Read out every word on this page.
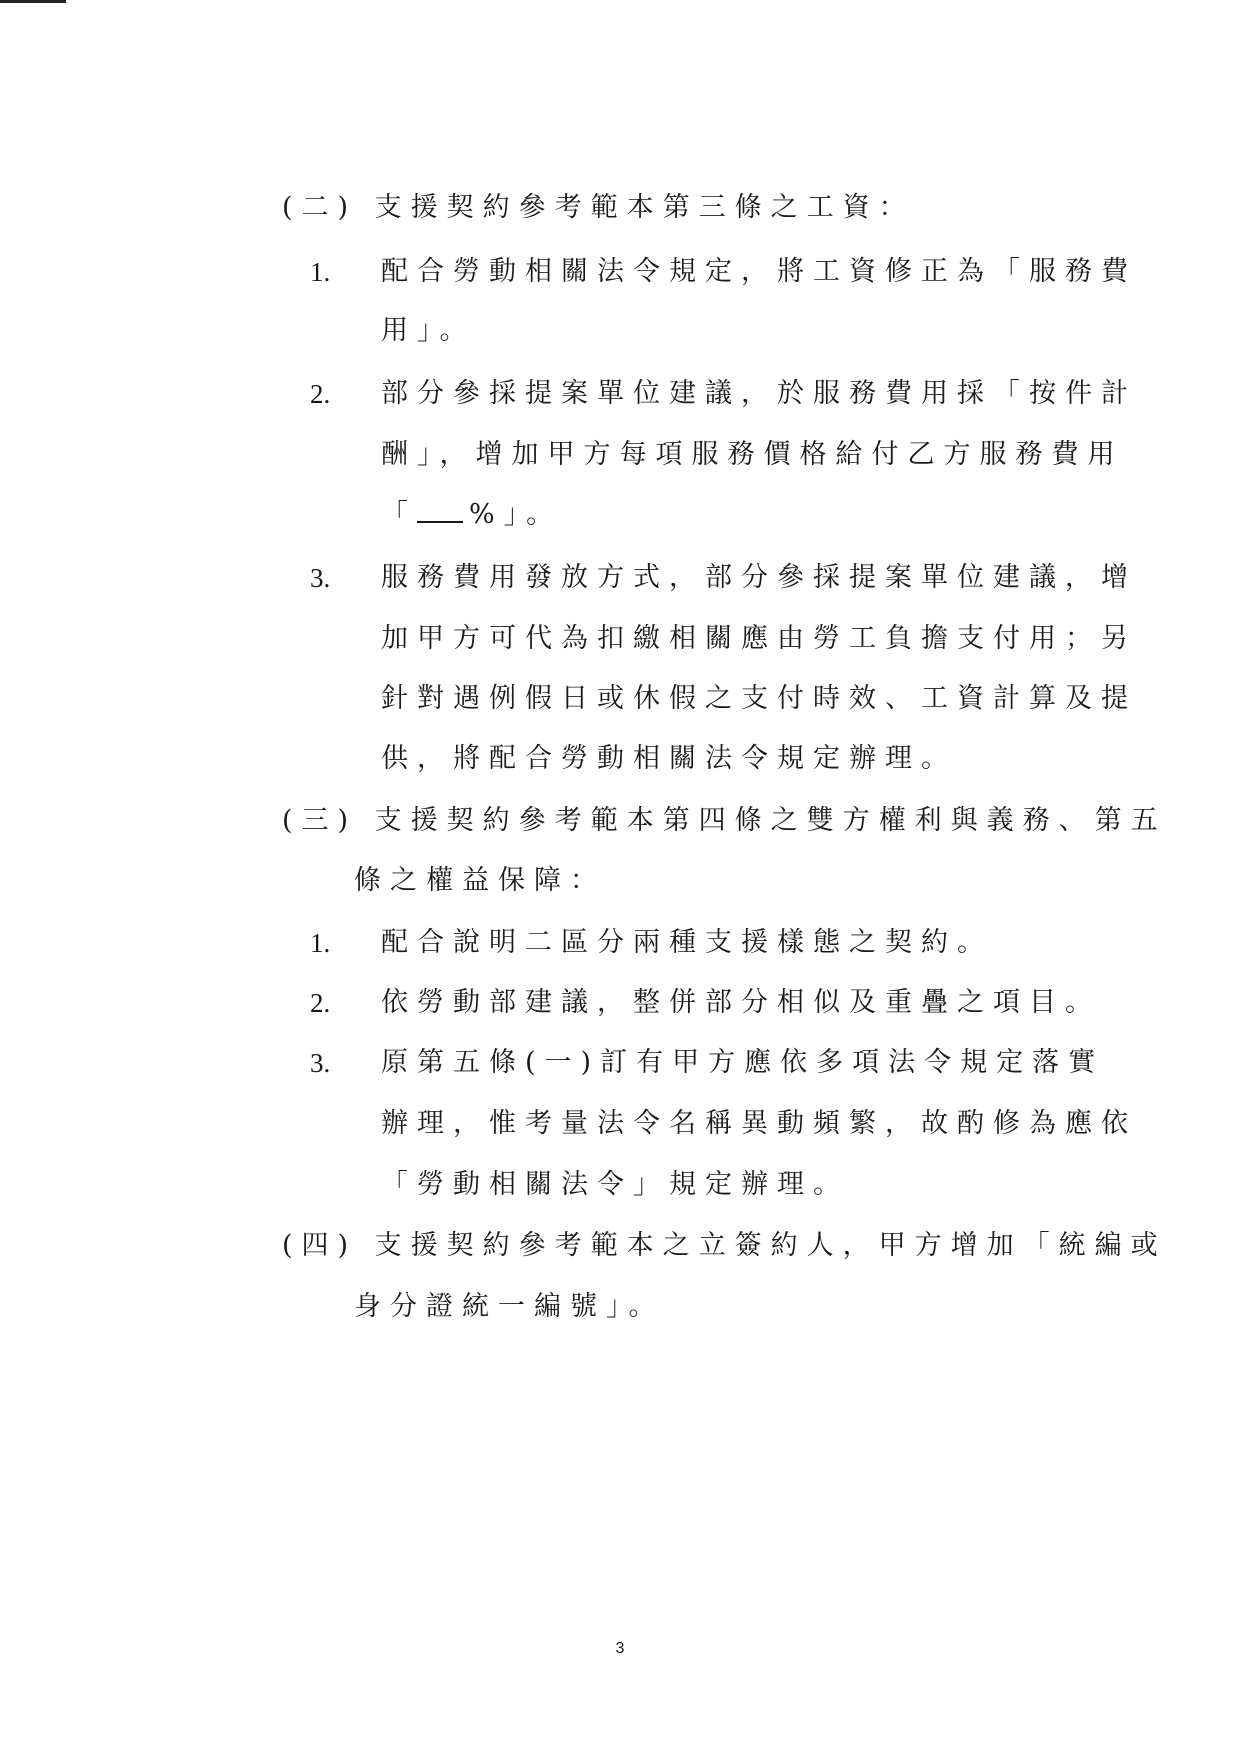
(二) 支援契約參考範本第三條之工資：
1. 配合勞動相關法令規定，將工資修正為「服務費
用」。
2. 部分參採提案單位建議，於服務費用採「按件計
酬」，增加甲方每項服務價格給付乙方服務費用
「 %」。
3. 服務費用發放方式，部分參採提案單位建議，增
加甲方可代為扣繳相關應由勞工負擔支付用；另
針對遇例假日或休假之支付時效、工資計算及提
供，將配合勞動相關法令規定辦理。
(三) 支援契約參考範本第四條之雙方權利與義務、第五
條之權益保障：
1. 配合說明二區分兩種支援樣態之契約。
2. 依勞動部建議，整併部分相似及重疊之項目。
3. 原第五條(一)訂有甲方應依多項法令規定落實
辦理，惟考量法令名稱異動頻繁，故酌修為應依
「勞動相關法令」規定辦理。
(四) 支援契約參考範本之立簽約人，甲方增加「統編或
身分證統一編號」。
3
